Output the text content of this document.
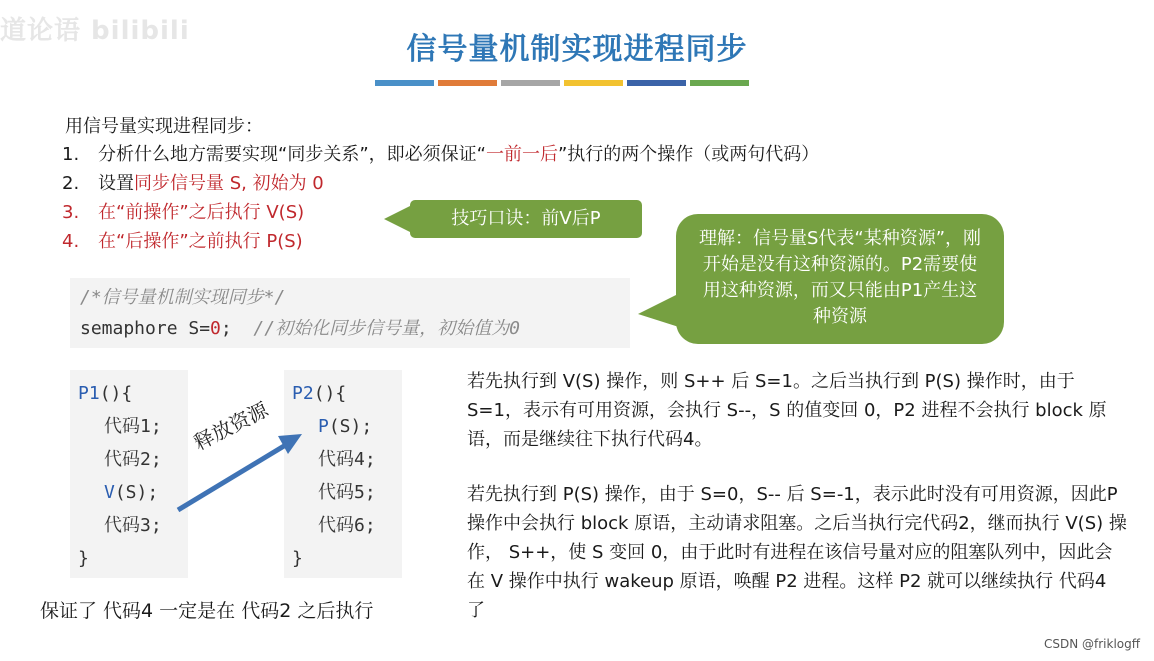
道论语 bilibili
信号量机制实现进程同步
用信号量实现进程同步：
1. 分析什么地方需要实现“同步关系”，即必须保证“一前一后”执行的两个操作（或两句代码）
2. 设置同步信号量 S, 初始为 0
3. 在“前操作”之后执行 V(S)
4. 在“后操作”之前执行 P(S)
技巧口诀：前V后P
理解：信号量S代表“某种资源”，刚开始是没有这种资源的。P2需要使用这种资源，而又只能由P1产生这种资源
/*信号量机制实现同步*/
semaphore S=0; //初始化同步信号量，初始值为0
P1(){
代码1;
代码2;
V(S);
代码3;
}
P2(){
P(S);
代码4;
代码5;
代码6;
}
释放资源
保证了 代码4 一定是在 代码2 之后执行

若先执行到 V(S) 操作，则 S++ 后 S=1。之后当执行到 P(S) 操作时，由于 S=1，表示有可用资源，会执行 S--，S 的值变回 0，P2 进程不会执行 block 原语，而是继续往下执行代码4。

若先执行到 P(S) 操作，由于 S=0，S-- 后 S=-1，表示此时没有可用资源，因此P操作中会执行 block 原语，主动请求阻塞。之后当执行完代码2，继而执行 V(S) 操作， S++，使 S 变回 0，由于此时有进程在该信号量对应的阻塞队列中，因此会在 V 操作中执行 wakeup 原语，唤醒 P2 进程。这样 P2 就可以继续执行 代码4 了

CSDN @friklogff
